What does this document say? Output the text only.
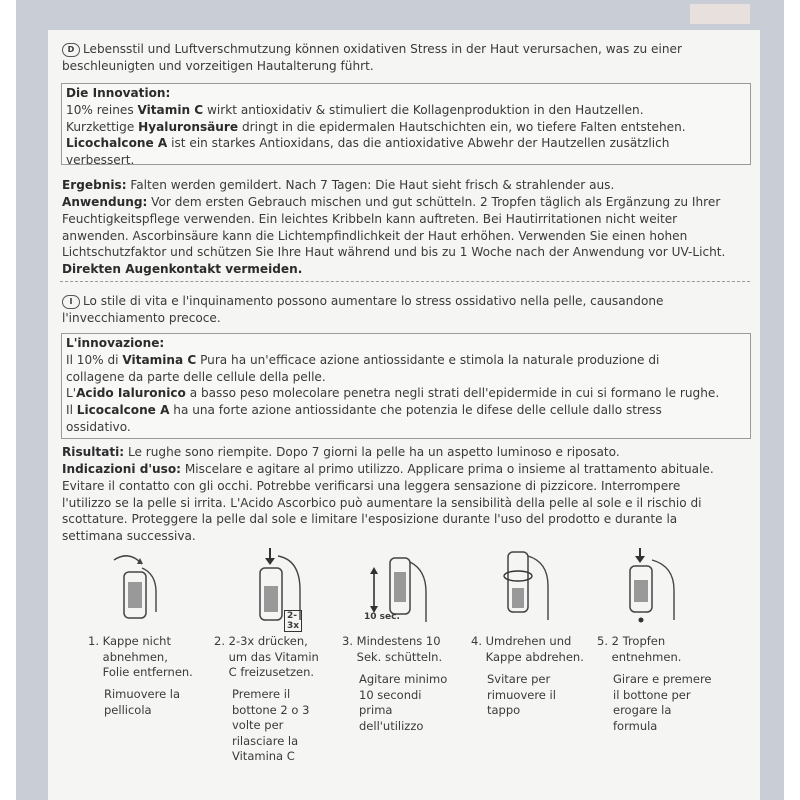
D Lebensstil und Luftverschmutzung können oxidativen Stress in der Haut verursachen, was zu einer
beschleunigten und vorzeitigen Hautalterung führt.
Die Innovation:
10% reines Vitamin C wirkt antioxidativ & stimuliert die Kollagenproduktion in den Hautzellen.
Kurzkettige Hyaluronsäure dringt in die epidermalen Hautschichten ein, wo tiefere Falten entstehen.
Licochalcone A ist ein starkes Antioxidans, das die antioxidative Abwehr der Hautzellen zusätzlich
verbessert.
Ergebnis: Falten werden gemildert. Nach 7 Tagen: Die Haut sieht frisch & strahlender aus.
Anwendung: Vor dem ersten Gebrauch mischen und gut schütteln. 2 Tropfen täglich als Ergänzung zu Ihrer
Feuchtigkeitspflege verwenden. Ein leichtes Kribbeln kann auftreten. Bei Hautirritationen nicht weiter
anwenden. Ascorbinsäure kann die Lichtempfindlichkeit der Haut erhöhen. Verwenden Sie einen hohen
Lichtschutzfaktor und schützen Sie Ihre Haut während und bis zu 1 Woche nach der Anwendung vor UV-Licht.
Direkten Augenkontakt vermeiden.
I Lo stile di vita e l'inquinamento possono aumentare lo stress ossidativo nella pelle, causandone
l'invecchiamento precoce.
L'innovazione:
Il 10% di Vitamina C Pura ha un'efficace azione antiossidante e stimola la naturale produzione di
collagene da parte delle cellule della pelle.
L'Acido Ialuronico a basso peso molecolare penetra negli strati dell'epidermide in cui si formano le rughe.
Il Licocalcone A ha una forte azione antiossidante che potenzia le difese delle cellule dallo stress
ossidativo.
Risultati: Le rughe sono riempite. Dopo 7 giorni la pelle ha un aspetto luminoso e riposato.
Indicazioni d'uso: Miscelare e agitare al primo utilizzo. Applicare prima o insieme al trattamento abituale.
Evitare il contatto con gli occhi. Potrebbe verificarsi una leggera sensazione di pizzicore. Interrompere
l'utilizzo se la pelle si irrita. L'Acido Ascorbico può aumentare la sensibilità della pelle al sole e il rischio di
scottature. Proteggere la pelle dal sole e limitare l'esposizione durante l'uso del prodotto e durante la
settimana successiva.
2-3x
10 sec.
1. Kappe nicht
abnehmen,
Folie entfernen.
Rimuovere la
pellicola
2. 2-3x drücken,
um das Vitamin
C freizusetzen.
Premere il
bottone 2 o 3
volte per
rilasciare la
Vitamina C
3. Mindestens 10
Sek. schütteln.
Agitare minimo
10 secondi
prima
dell'utilizzo
4. Umdrehen und
Kappe abdrehen.
Svitare per
rimuovere il
tappo
5. 2 Tropfen
entnehmen.
Girare e premere
il bottone per
erogare la
formula
